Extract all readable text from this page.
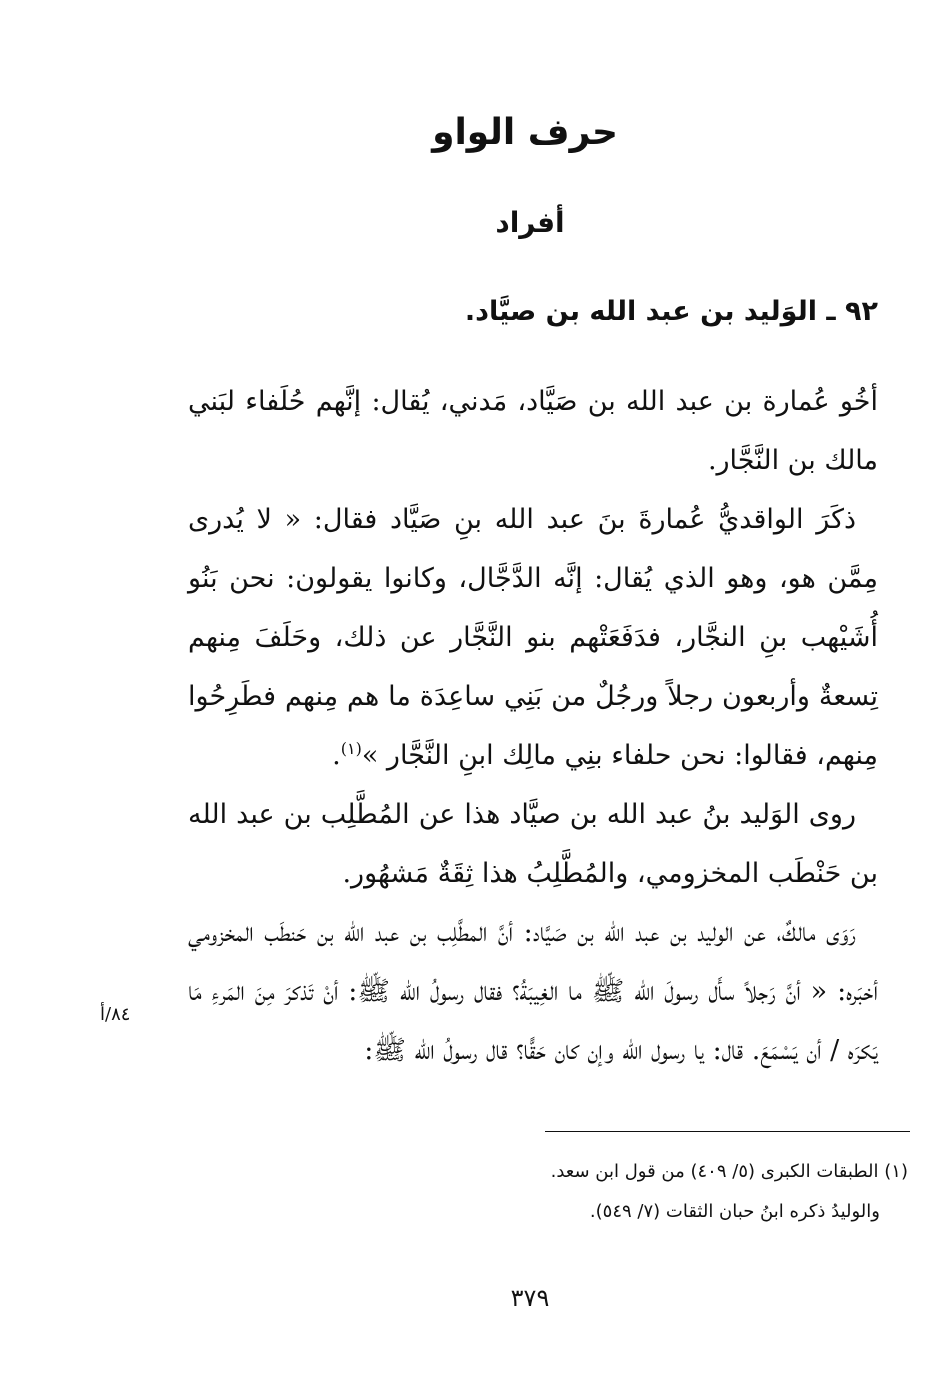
حرف الواو
أفراد
٩٢ ـ الوَليد بن عبد الله بن صيَّاد.

أخُو عُمارة بن عبد الله بن صَيَّاد، مَدني، يُقال: إنَّهم حُلَفاء لبَني مالك بن النَّجَّار.

ذكَرَ الواقديُّ عُمارةَ بنَ عبد الله بنِ صَيَّاد فقال: « لا يُدرى مِمَّن هو، وهو الذي يُقال: إنَّه الدَّجَّال، وكانوا يقولون: نحن بَنُو أُشَيْهب بنِ النجَّار، فدَفَعَتْهم بنو النَّجَّار عن ذلك، وحَلَفَ مِنهم تِسعةٌ وأربعون رجلاً ورجُلٌ من بَنِي ساعِدَة ما هم مِنهم فطَرِحُوا مِنهم، فقالوا: نحن حلفاء بنِي مالِك ابنِ النَّجَّار »$^{(١)}$.

روى الوَليد بنُ عبد الله بن صيَّاد هذا عن المُطَّلِب بن عبد الله بن حَنْطَب المخزومي، والمُطَّلِبُ هذا ثِقَةٌ مَشهُور.

رَوَى مالكٌ، عن الوليد بن عبد الله بن صَيَّاد: أنَّ المطَّلِب بن عبد الله بن حَنطَب المخزومي أخبَره: « أنَّ رَجلاً سأَل رسولَ الله ﷺ ما الغِيبَةُ؟ فقال رسولُ الله ﷺ: أنْ تَذكرَ مِنَ المَرءِ مَا يَكرَه / أن يَسْمَعَ. قال: يا رسول الله وإن كان حَقًّا؟ قال رسولُ الله ﷺ:

٨٤/أ

(١) الطبقات الكبرى (٥/ ٤٠٩) من قول ابن سعد.

والوليدُ ذكره ابنُ حبان الثقات (٧/ ٥٤٩).

٣٧٩
